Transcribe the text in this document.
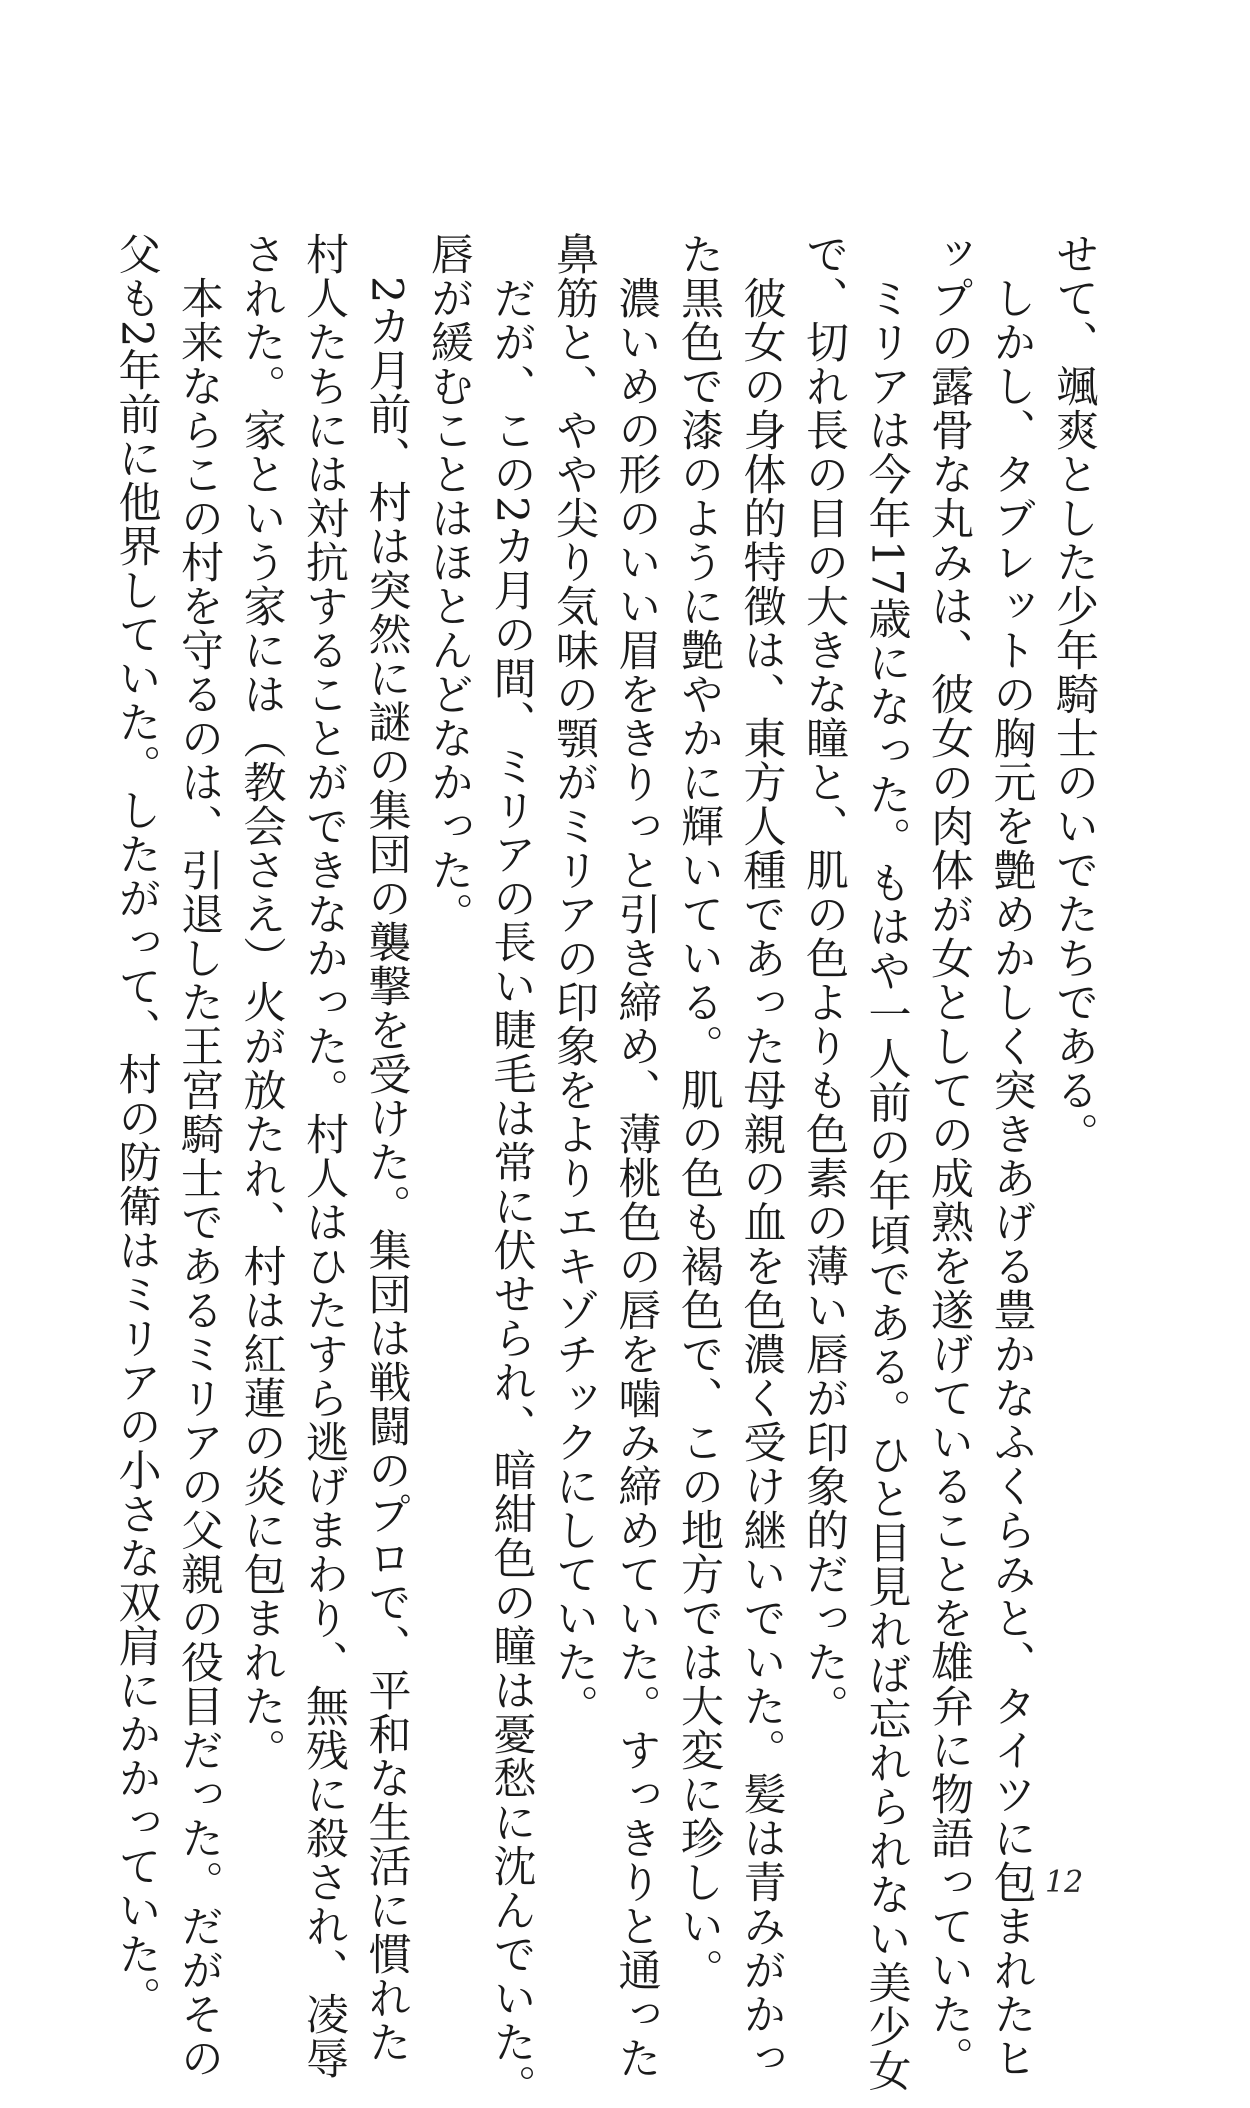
せて、颯爽とした少年騎士のいでたちである。

　しかし、タブレットの胸元を艶めかしく突きあげる豊かなふくらみと、タイツに包まれたヒ

ップの露骨な丸みは、彼女の肉体が女としての成熟を遂げていることを雄弁に物語っていた。

　ミリアは今年17歳になった。もはや一人前の年頃である。ひと目見れば忘れられない美少女

で、切れ長の目の大きな瞳と、肌の色よりも色素の薄い唇が印象的だった。

　彼女の身体的特徴は、東方人種であった母親の血を色濃く受け継いでいた。髪は青みがかっ

た黒色で漆のように艶やかに輝いている。肌の色も褐色で、この地方では大変に珍しい。

　濃いめの形のいい眉をきりっと引き締め、薄桃色の唇を噛み締めていた。すっきりと通った

鼻筋と、やや尖り気味の顎がミリアの印象をよりエキゾチックにしていた。

　だが、この2カ月の間、ミリアの長い睫毛は常に伏せられ、暗紺色の瞳は憂愁に沈んでいた。

唇が緩むことはほとんどなかった。

　2カ月前、村は突然に謎の集団の襲撃を受けた。集団は戦闘のプロで、平和な生活に慣れた

村人たちには対抗することができなかった。村人はひたすら逃げまわり、無残に殺され、凌辱

された。家という家には（教会さえ）火が放たれ、村は紅蓮の炎に包まれた。

　本来ならこの村を守るのは、引退した王宮騎士であるミリアの父親の役目だった。だがその

父も2年前に他界していた。したがって、村の防衛はミリアの小さな双肩にかかっていた。	12
